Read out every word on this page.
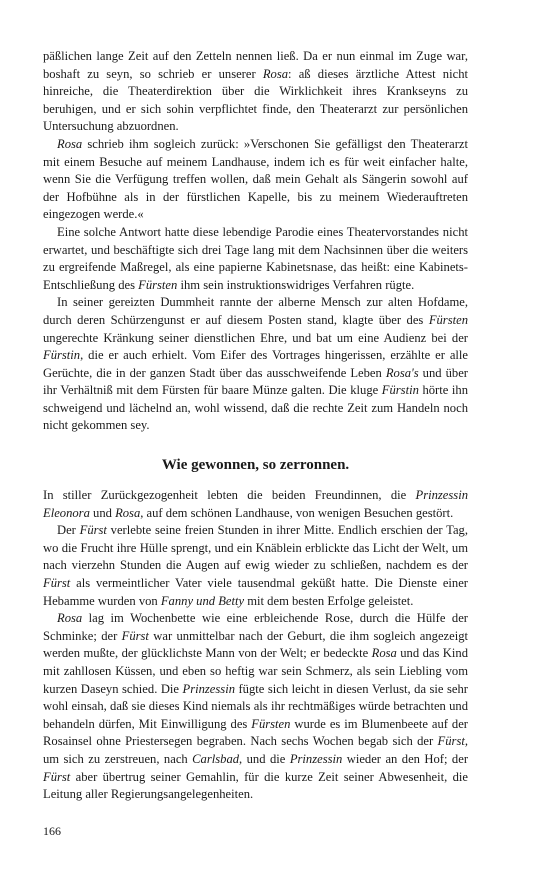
päßlichen lange Zeit auf den Zetteln nennen ließ. Da er nun einmal im Zuge war, boshaft zu seyn, so schrieb er unserer Rosa: aß dieses ärztliche Attest nicht hinreiche, die Theaterdirektion über die Wirklichkeit ihres Krankseyns zu beruhigen, und er sich sohin verpflichtet finde, den Theaterarzt zur persönlichen Untersuchung abzuordnen.

Rosa schrieb ihm sogleich zurück: »Verschonen Sie gefälligst den Theaterarzt mit einem Besuche auf meinem Landhause, indem ich es für weit einfacher halte, wenn Sie die Verfügung treffen wollen, daß mein Gehalt als Sängerin sowohl auf der Hofbühne als in der fürstlichen Kapelle, bis zu meinem Wiederauftreten eingezogen werde.«

Eine solche Antwort hatte diese lebendige Parodie eines Theatervorstandes nicht erwartet, und beschäftigte sich drei Tage lang mit dem Nachsinnen über die weiters zu ergreifende Maßregel, als eine papierne Kabinetsnase, das heißt: eine Kabinets-Entschließung des Fürsten ihm sein instruktionswidriges Verfahren rügte.

In seiner gereizten Dummheit rannte der alberne Mensch zur alten Hofdame, durch deren Schürzengunst er auf diesem Posten stand, klagte über des Fürsten ungerechte Kränkung seiner dienstlichen Ehre, und bat um eine Audienz bei der Fürstin, die er auch erhielt. Vom Eifer des Vortrages hingerissen, erzählte er alle Gerüchte, die in der ganzen Stadt über das ausschweifende Leben Rosa's und über ihr Verhältniß mit dem Fürsten für baare Münze galten. Die kluge Fürstin hörte ihn schweigend und lächelnd an, wohl wissend, daß die rechte Zeit zum Handeln noch nicht gekommen sey.

Wie gewonnen, so zerronnen.

In stiller Zurückgezogenheit lebten die beiden Freundinnen, die Prinzessin Eleonora und Rosa, auf dem schönen Landhause, von wenigen Besuchen gestört.

Der Fürst verlebte seine freien Stunden in ihrer Mitte. Endlich erschien der Tag, wo die Frucht ihre Hülle sprengt, und ein Knäblein erblickte das Licht der Welt, um nach vierzehn Stunden die Augen auf ewig wieder zu schließen, nachdem es der Fürst als vermeintlicher Vater viele tausendmal geküßt hatte. Die Dienste einer Hebamme wurden von Fanny und Betty mit dem besten Erfolge geleistet.

Rosa lag im Wochenbette wie eine erbleichende Rose, durch die Hülfe der Schminke; der Fürst war unmittelbar nach der Geburt, die ihm sogleich angezeigt werden mußte, der glücklichste Mann von der Welt; er bedeckte Rosa und das Kind mit zahllosen Küssen, und eben so heftig war sein Schmerz, als sein Liebling vom kurzen Daseyn schied. Die Prinzessin fügte sich leicht in diesen Verlust, da sie sehr wohl einsah, daß sie dieses Kind niemals als ihr rechtmäßiges würde betrachten und behandeln dürfen, Mit Einwilligung des Fürsten wurde es im Blumenbeete auf der Rosainsel ohne Priestersegen begraben. Nach sechs Wochen begab sich der Fürst, um sich zu zerstreuen, nach Carlsbad, und die Prinzessin wieder an den Hof; der Fürst aber übertrug seiner Gemahlin, für die kurze Zeit seiner Abwesenheit, die Leitung aller Regierungsangelegenheiten.

166
